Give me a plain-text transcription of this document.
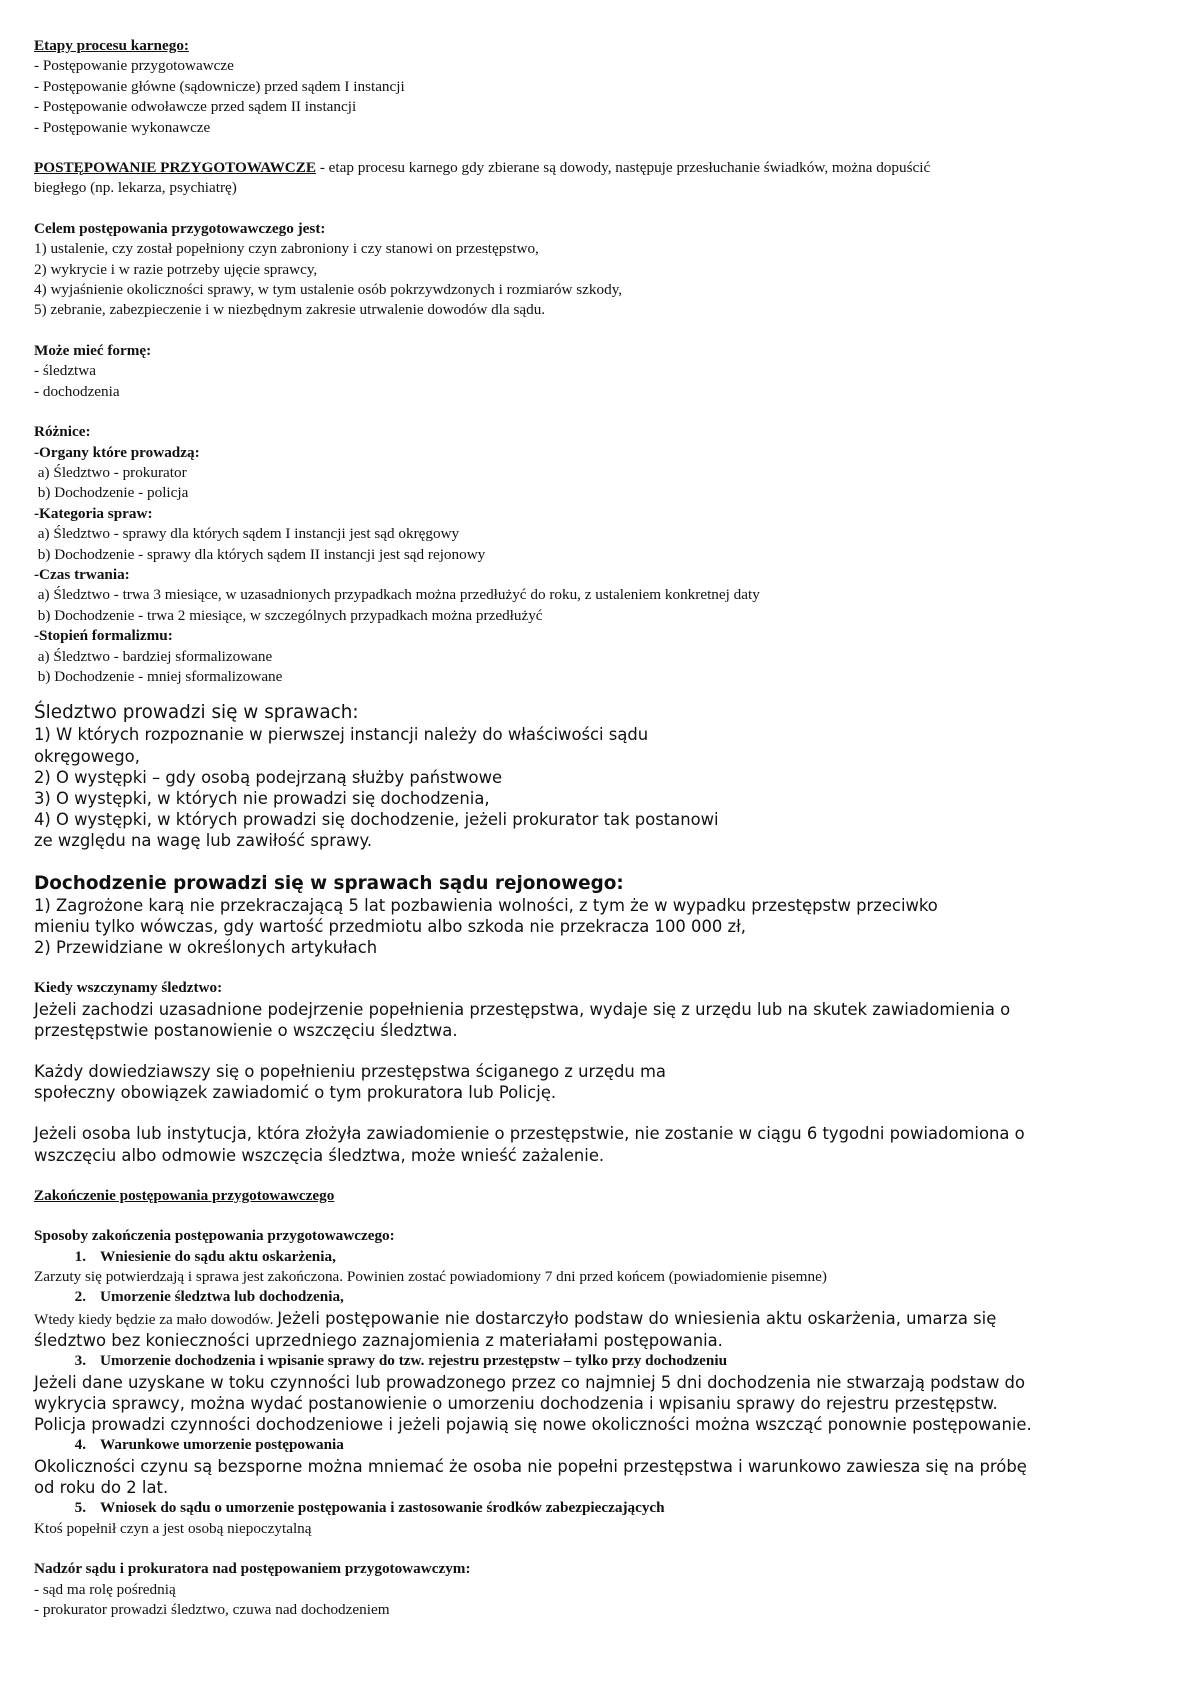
Etapy procesu karnego:
- Postępowanie przygotowawcze
- Postępowanie główne (sądownicze) przed sądem I instancji
- Postępowanie odwoławcze przed sądem II instancji
- Postępowanie wykonawcze
POSTĘPOWANIE PRZYGOTOWAWCZE - etap procesu karnego gdy zbierane są dowody, następuje przesłuchanie świadków, można dopuścić
biegłego (np. lekarza, psychiatrę)
Celem postępowania przygotowawczego jest:
1) ustalenie, czy został popełniony czyn zabroniony i czy stanowi on przestępstwo,
2) wykrycie i w razie potrzeby ujęcie sprawcy,
4) wyjaśnienie okoliczności sprawy, w tym ustalenie osób pokrzywdzonych i rozmiarów szkody,
5) zebranie, zabezpieczenie i w niezbędnym zakresie utrwalenie dowodów dla sądu.
Może mieć formę:
- śledztwa
- dochodzenia
Różnice:
-Organy które prowadzą:
a) Śledztwo - prokurator
b) Dochodzenie - policja
-Kategoria spraw:
a) Śledztwo - sprawy dla których sądem I instancji jest sąd okręgowy
b) Dochodzenie - sprawy dla których sądem II instancji jest sąd rejonowy
-Czas trwania:
a) Śledztwo - trwa 3 miesiące, w uzasadnionych przypadkach można przedłużyć do roku, z ustaleniem konkretnej daty
b) Dochodzenie - trwa 2 miesiące, w szczególnych przypadkach można przedłużyć
-Stopień formalizmu:
a) Śledztwo - bardziej sformalizowane
b) Dochodzenie - mniej sformalizowane
Śledztwo prowadzi się w sprawach:
1) W których rozpoznanie w pierwszej instancji należy do właściwości sądu
okręgowego,
2) O występki – gdy osobą podejrzaną służby państwowe
3) O występki, w których nie prowadzi się dochodzenia,
4) O występki, w których prowadzi się dochodzenie, jeżeli prokurator tak postanowi
ze względu na wagę lub zawiłość sprawy.
Dochodzenie prowadzi się w sprawach sądu rejonowego:
1) Zagrożone karą nie przekraczającą 5 lat pozbawienia wolności, z tym że w wypadku przestępstw przeciwko
mieniu tylko wówczas, gdy wartość przedmiotu albo szkoda nie przekracza 100 000 zł,
2) Przewidziane w określonych artykułach
Kiedy wszczynamy śledztwo:
Jeżeli zachodzi uzasadnione podejrzenie popełnienia przestępstwa, wydaje się z urzędu lub na skutek zawiadomienia o
przestępstwie postanowienie o wszczęciu śledztwa.
Każdy dowiedziawszy się o popełnieniu przestępstwa ściganego z urzędu ma
społeczny obowiązek zawiadomić o tym prokuratora lub Policję.
Jeżeli osoba lub instytucja, która złożyła zawiadomienie o przestępstwie, nie zostanie w ciągu 6 tygodni powiadomiona o
wszczęciu albo odmowie wszczęcia śledztwa, może wnieść zażalenie.
Zakończenie postępowania przygotowawczego
Sposoby zakończenia postępowania przygotowawczego:
1. Wniesienie do sądu aktu oskarżenia,
Zarzuty się potwierdzają i sprawa jest zakończona. Powinien zostać powiadomiony 7 dni przed końcem (powiadomienie pisemne)
2. Umorzenie śledztwa lub dochodzenia,
Wtedy kiedy będzie za mało dowodów. Jeżeli postępowanie nie dostarczyło podstaw do wniesienia aktu oskarżenia, umarza się
śledztwo bez konieczności uprzedniego zaznajomienia z materiałami postępowania.
3. Umorzenie dochodzenia i wpisanie sprawy do tzw. rejestru przestępstw – tylko przy dochodzeniu
Jeżeli dane uzyskane w toku czynności lub prowadzonego przez co najmniej 5 dni dochodzenia nie stwarzają podstaw do
wykrycia sprawcy, można wydać postanowienie o umorzeniu dochodzenia i wpisaniu sprawy do rejestru przestępstw.
Policja prowadzi czynności dochodzeniowe i jeżeli pojawią się nowe okoliczności można wszcząć ponownie postępowanie.
4. Warunkowe umorzenie postępowania
Okoliczności czynu są bezsporne można mniemać że osoba nie popełni przestępstwa i warunkowo zawiesza się na próbę
od roku do 2 lat.
5. Wniosek do sądu o umorzenie postępowania i zastosowanie środków zabezpieczających
Ktoś popełnił czyn a jest osobą niepoczytalną
Nadzór sądu i prokuratora nad postępowaniem przygotowawczym:
- sąd ma rolę pośrednią
- prokurator prowadzi śledztwo, czuwa nad dochodzeniem
